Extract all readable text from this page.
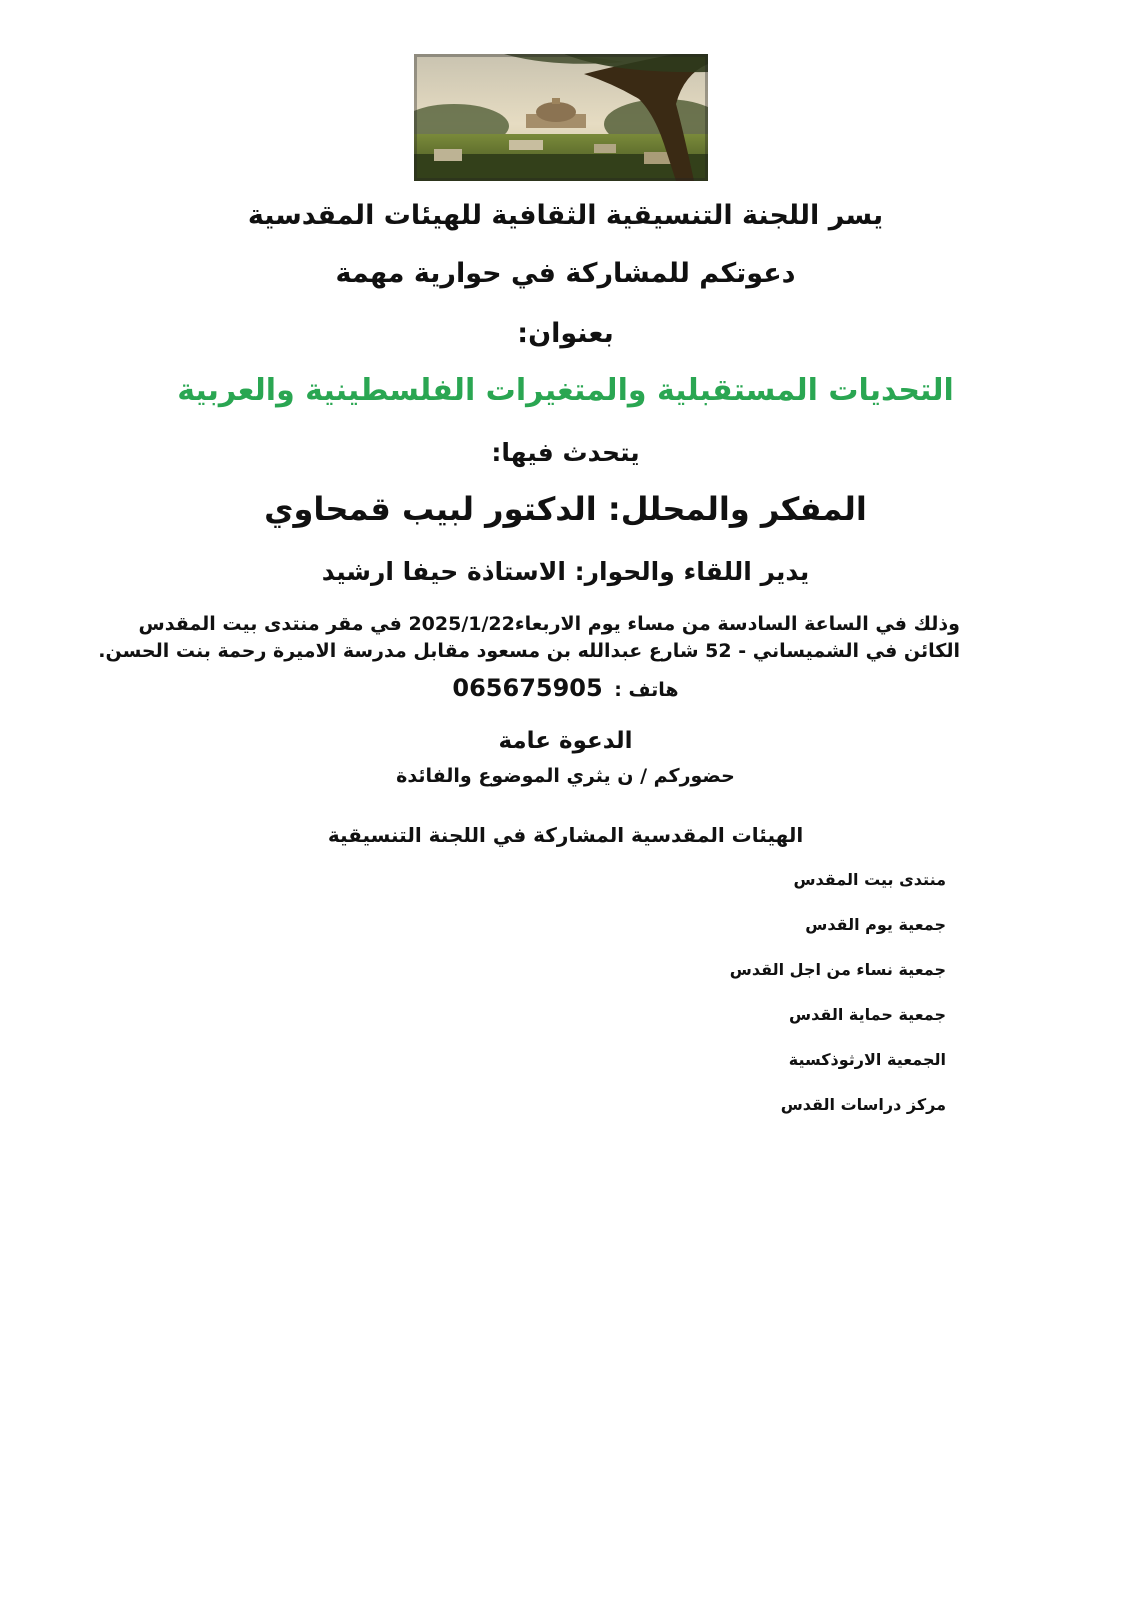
يسر اللجنة التنسيقية الثقافية للهيئات المقدسية
دعوتكم للمشاركة في حوارية مهمة
بعنوان:
التحديات المستقبلية والمتغيرات الفلسطينية والعربية
يتحدث فيها:
المفكر والمحلل: الدكتور لبيب قمحاوي
يدير اللقاء والحوار: الاستاذة حيفا ارشيد

وذلك في الساعة السادسة من مساء يوم الاربعاء2025/1/22 في مقر منتدى بيت المقدس

الكائن في الشميساني - 52 شارع عبدالله بن مسعود مقابل مدرسة الاميرة رحمة بنت الحسن.

هاتف : 065675905
الدعوة عامة
حضوركم / ن يثري الموضوع والفائدة
الهيئات المقدسية المشاركة في اللجنة التنسيقية
منتدى بيت المقدس
جمعية يوم القدس
جمعية نساء من اجل القدس
جمعية حماية القدس
الجمعية الارثوذكسية
مركز دراسات القدس
